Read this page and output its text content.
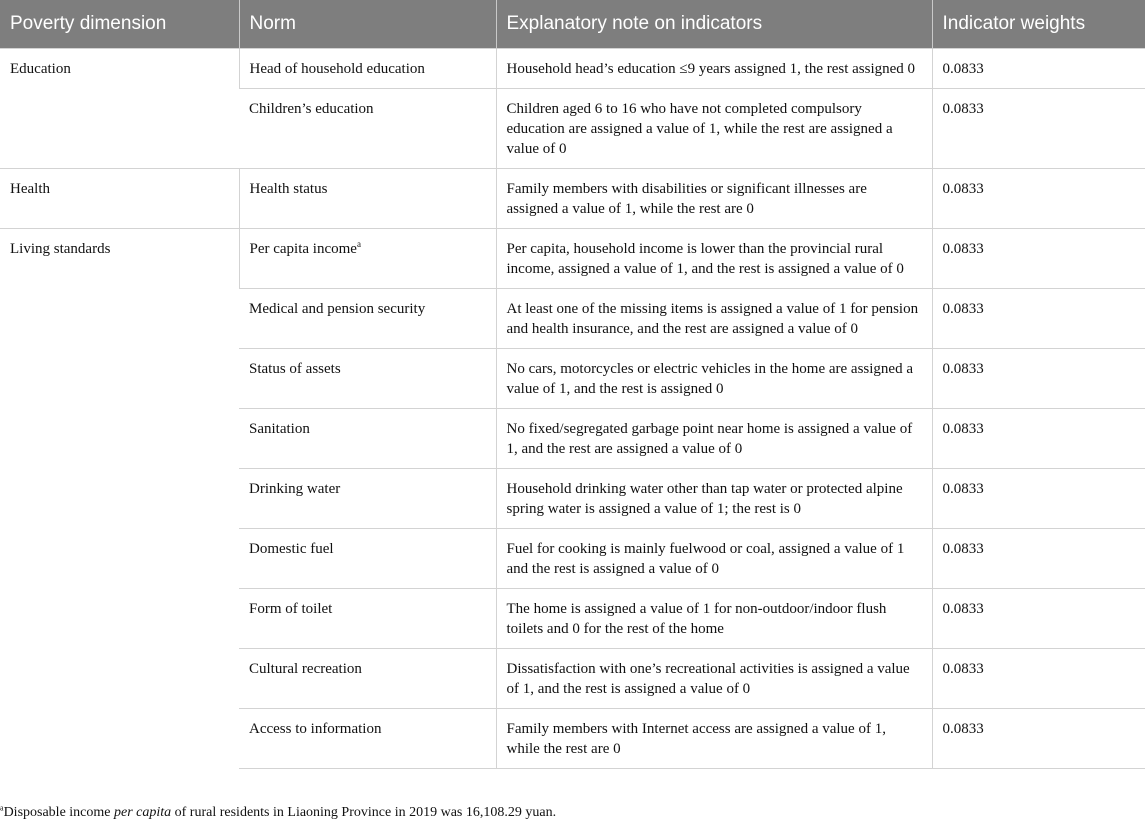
Poverty dimension	Norm	Explanatory note on indicators	Indicator weights
Education	Head of household education	Household head’s education ≤9 years assigned 1, the rest assigned 0	0.0833
	Children’s education	Children aged 6 to 16 who have not completed compulsory education are assigned a value of 1, while the rest are assigned a value of 0	0.0833
Health	Health status	Family members with disabilities or significant illnesses are assigned a value of 1, while the rest are 0	0.0833
Living standards	Per capita income$^a$	Per capita, household income is lower than the provincial rural income, assigned a value of 1, and the rest is assigned a value of 0	0.0833
	Medical and pension security	At least one of the missing items is assigned a value of 1 for pension and health insurance, and the rest are assigned a value of 0	0.0833
	Status of assets	No cars, motorcycles or electric vehicles in the home are assigned a value of 1, and the rest is assigned 0	0.0833
	Sanitation	No fixed/segregated garbage point near home is assigned a value of 1, and the rest are assigned a value of 0	0.0833
	Drinking water	Household drinking water other than tap water or protected alpine spring water is assigned a value of 1; the rest is 0	0.0833
	Domestic fuel	Fuel for cooking is mainly fuelwood or coal, assigned a value of 1 and the rest is assigned a value of 0	0.0833
	Form of toilet	The home is assigned a value of 1 for non-outdoor/indoor flush toilets and 0 for the rest of the home	0.0833
	Cultural recreation	Dissatisfaction with one’s recreational activities is assigned a value of 1, and the rest is assigned a value of 0	0.0833
	Access to information	Family members with Internet access are assigned a value of 1, while the rest are 0	0.0833
$^a$Disposable income per capita of rural residents in Liaoning Province in 2019 was 16,108.29 yuan.
